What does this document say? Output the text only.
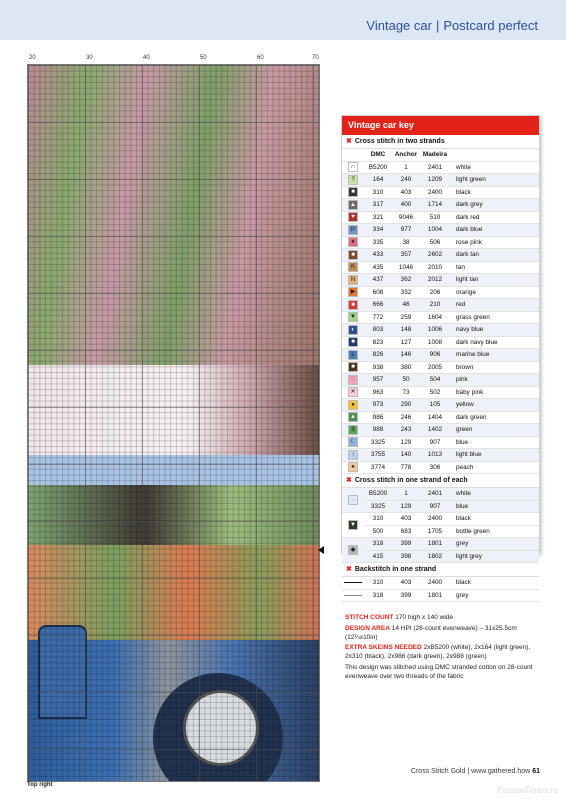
Vintage car | Postcard perfect
20	30	40	50	60	70
Top right
Vintage car key
✖ Cross stitch in two strands
	DMC	Anchor	Madeira	
∩	B5200	1	2401	white
?	164	240	1209	light green
■	310	403	2400	black
▲	317	400	1714	dark grey
♥	321	9046	510	dark red
P	334	977	1004	dark blue
♦	335	38	506	rose pink
■	433	357	2602	dark tan
K	435	1046	2010	tan
N	437	362	2012	light tan
▶	608	332	206	orange
■	666	46	210	red
▼	772	259	1604	grass green
◐	803	148	1006	navy blue
■	823	127	1008	dark navy blue
L	826	146	906	marine blue
■	938	380	2005	brown
♡	957	50	504	pink
✕	963	73	502	baby pink
●	973	290	105	yellow
▲	986	246	1404	dark green
$	988	243	1402	green
☾	3325	129	907	blue
↑	3755	140	1013	light blue
♠	3774	778	306	peach
✖ Cross stitch in one strand of each
·	B5200	1	2401	white
	3325	129	907	blue
▼	310	403	2400	black
	500	683	1705	bottle green
◆	318	399	1801	grey
	415	398	1802	light grey
✖ Backstitch in one strand
	310	403	2400	black
	318	399	1801	grey

STITCH COUNT 170 high x 140 wide

DESIGN AREA 14 HPI (28-count evenweave) – 31x25.5cm (12¼x10in)

EXTRA SKEINS NEEDED 2xB5200 (white), 2x164 (light green), 2x310 (black), 2x986 (dark green), 2x988 (green)

This design was stitched using DMC stranded cotton on 28-count evenweave over two threads of the fabric

Cross Stitch Gold | www.gathered.how 61
PassionForum.ru
